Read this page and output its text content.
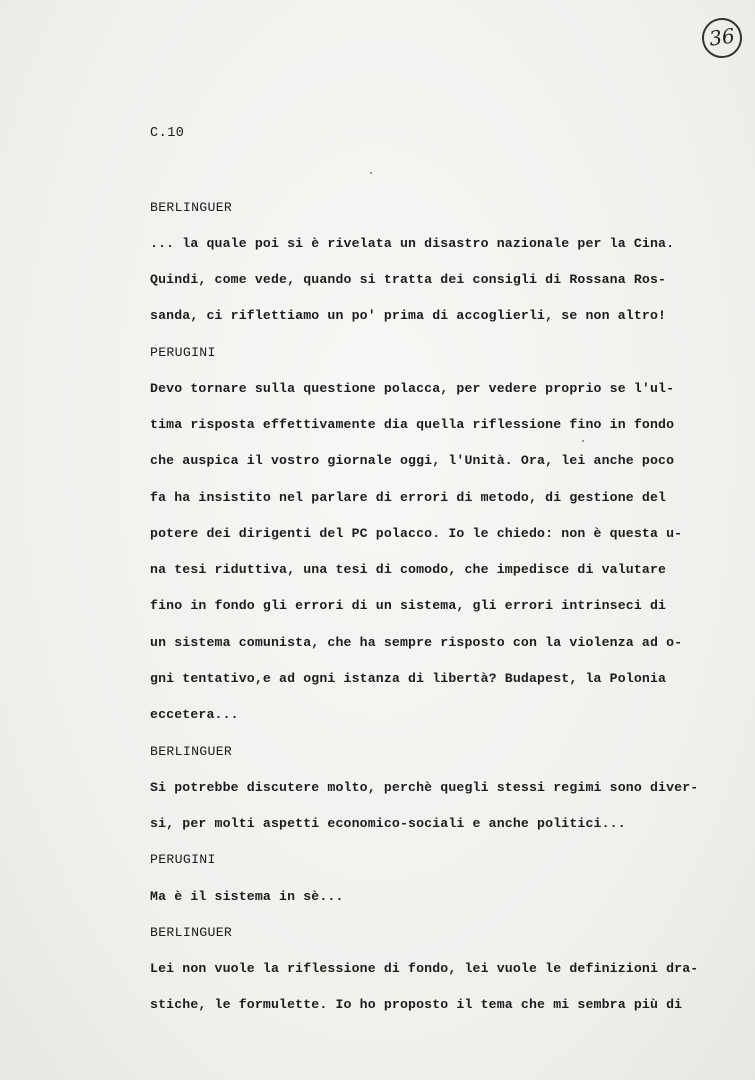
36
C.10
BERLINGUER
... la quale poi si è rivelata un disastro nazionale per la Cina.
Quindi, come vede, quando si tratta dei consigli di Rossana Ros-
sanda, ci riflettiamo un po' prima di accoglierli, se non altro!
PERUGINI
Devo tornare sulla questione polacca, per vedere proprio se l'ul-
tima risposta effettivamente dia quella riflessione fino in fondo
che auspica il vostro giornale oggi, l'Unità. Ora, lei anche poco
fa ha insistito nel parlare di errori di metodo, di gestione del
potere dei dirigenti del PC polacco. Io le chiedo: non è questa u-
na tesi riduttiva, una tesi di comodo, che impedisce di valutare
fino in fondo gli errori di un sistema, gli errori intrinseci di
un sistema comunista, che ha sempre risposto con la violenza ad o-
gni tentativo,e ad ogni istanza di libertà? Budapest, la Polonia
eccetera...
BERLINGUER
Si potrebbe discutere molto, perchè quegli stessi regimi sono diver-
si, per molti aspetti economico-sociali e anche politici...
PERUGINI
Ma è il sistema in sè...
BERLINGUER
Lei non vuole la riflessione di fondo, lei vuole le definizioni dra-
stiche, le formulette. Io ho proposto il tema che mi sembra più di
